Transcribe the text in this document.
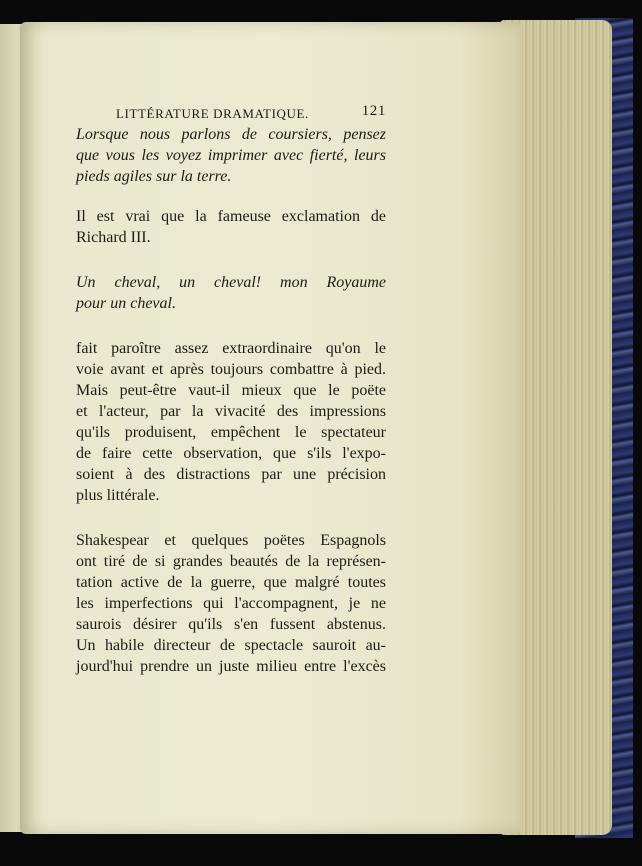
LITTÉRATURE DRAMATIQUE.	121
Lorsque nous parlons de coursiers, pensez
que vous les voyez imprimer avec fierté, leurs
pieds agiles sur la terre.
Il est vrai que la fameuse exclamation de
Richard III.
Un cheval, un cheval! mon Royaume
pour un cheval.
fait paroître assez extraordinaire qu'on le
voie avant et après toujours combattre à pied.
Mais peut-être vaut-il mieux que le poëte
et l'acteur, par la vivacité des impressions
qu'ils produisent, empêchent le spectateur
de faire cette observation, que s'ils l'expo-
soient à des distractions par une précision
plus littérale.
Shakespear et quelques poëtes Espagnols
ont tiré de si grandes beautés de la représen-
tation active de la guerre, que malgré toutes
les imperfections qui l'accompagnent, je ne
saurois désirer qu'ils s'en fussent abstenus.
Un habile directeur de spectacle sauroit au-
jourd'hui prendre un juste milieu entre l'excès
